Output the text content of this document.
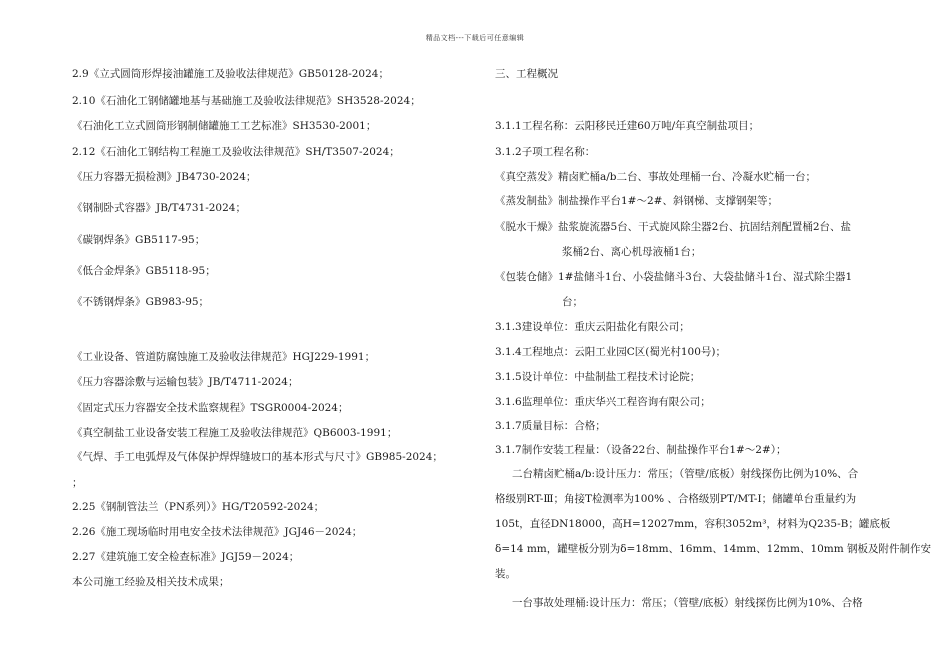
精品文档---下载后可任意编辑
2.9《立式圆筒形焊接油罐施工及验收法律规范》GB50128-2024；
2.10《石油化工钢储罐地基与基础施工及验收法律规范》SH3528-2024；
《石油化工立式圆筒形钢制储罐施工工艺标准》SH3530-2001；
2.12《石油化工钢结构工程施工及验收法律规范》SH/T3507-2024；
《压力容器无损检测》JB4730-2024；
《钢制卧式容器》JB/T4731-2024；
《碳钢焊条》GB5117-95；
《低合金焊条》GB5118-95；
《不锈钢焊条》GB983-95；
《工业设备、管道防腐蚀施工及验收法律规范》HGJ229-1991；
《压力容器涂敷与运输包装》JB/T4711-2024；
《固定式压力容器安全技术监察规程》TSGR0004-2024；
《真空制盐工业设备安装工程施工及验收法律规范》QB6003-1991；
《气焊、手工电弧焊及气体保护焊焊缝坡口的基本形式与尺寸》GB985-2024；
；
2.25《钢制管法兰（PN系列）》HG/T20592-2024；
2.26《施工现场临时用电安全技术法律规范》JGJ46－2024；
2.27《建筑施工安全检查标准》JGJ59－2024；
本公司施工经验及相关技术成果；
三、工程概况
3.1.1工程名称：云阳移民迁建60万吨/年真空制盐项目；
3.1.2子项工程名称：
《真空蒸发》精卤贮桶a/b二台、事故处理桶一台、冷凝水贮桶一台；
《蒸发制盐》制盐操作平台1#～2#、斜钢梯、支撑钢架等；
《脱水干燥》盐浆旋流器5台、干式旋风除尘器2台、抗固结剂配置桶2台、盐
浆桶2台、离心机母液桶1台；
《包装仓储》1#盐储斗1台、小袋盐储斗3台、大袋盐储斗1台、湿式除尘器1
台；
3.1.3建设单位：重庆云阳盐化有限公司；
3.1.4工程地点：云阳工业园C区(蜀光村100号)；
3.1.5设计单位：中盐制盐工程技术讨论院；
3.1.6监理单位：重庆华兴工程咨询有限公司；
3.1.7质量目标：合格；
3.1.7制作安装工程量：（设备22台、制盐操作平台1#～2#）；
二台精卤贮桶a/b:设计压力：常压；（管壁/底板）射线探伤比例为10%、合
格级别RT-Ⅲ；角接T检测率为100% 、合格级别PT/MT-Ⅰ；储罐单台重量约为
105t，直径DN18000，高H=12027mm，容积3052m³，材料为Q235-B；罐底板
δ=14 mm，罐壁板分别为δ=18mm、16mm、14mm、12mm、10mm 钢板及附件制作安
装。
一台事故处理桶:设计压力：常压；（管壁/底板）射线探伤比例为10%、合格
